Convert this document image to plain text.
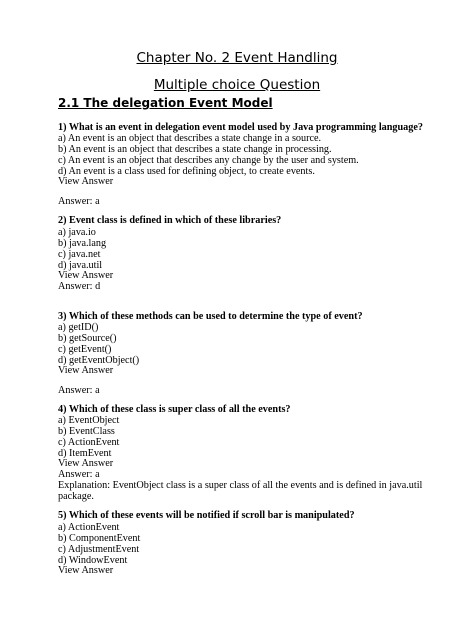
Chapter No. 2 Event Handling
Multiple choice Question
2.1 The delegation Event Model
1) What is an event in delegation event model used by Java programming language?
a) An event is an object that describes a state change in a source.
b) An event is an object that describes a state change in processing.
c) An event is an object that describes any change by the user and system.
d) An event is a class used for defining object, to create events.
View Answer
Answer: a
2) Event class is defined in which of these libraries?
a) java.io
b) java.lang
c) java.net
d) java.util
View Answer
Answer: d
3) Which of these methods can be used to determine the type of event?
a) getID()
b) getSource()
c) getEvent()
d) getEventObject()
View Answer
Answer: a
4) Which of these class is super class of all the events?
a) EventObject
b) EventClass
c) ActionEvent
d) ItemEvent
View Answer
Answer: a
Explanation: EventObject class is a super class of all the events and is defined in java.util
package.
5) Which of these events will be notified if scroll bar is manipulated?
a) ActionEvent
b) ComponentEvent
c) AdjustmentEvent
d) WindowEvent
View Answer
